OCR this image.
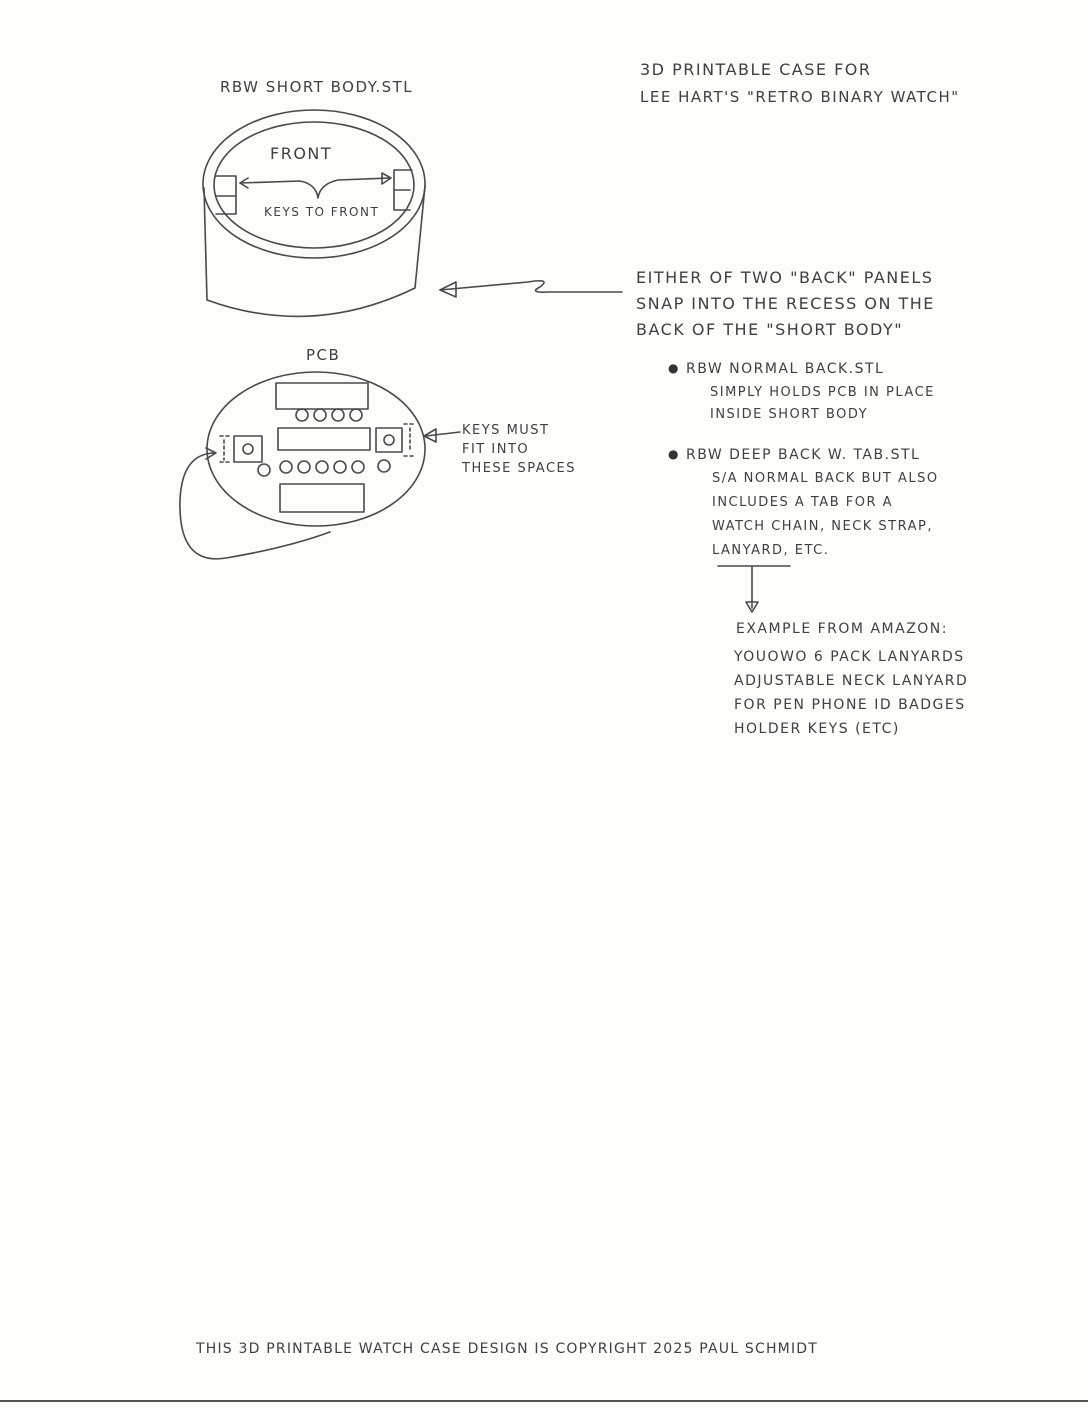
3D PRINTABLE CASE FOR
LEE HART'S "RETRO BINARY WATCH"
RBW SHORT BODY.STL
FRONT
KEYS TO FRONT
PCB
KEYS MUST
FIT INTO
THESE SPACES
EITHER OF TWO "BACK" PANELS
SNAP INTO THE RECESS ON THE
BACK OF THE "SHORT BODY"
● RBW NORMAL BACK.STL
SIMPLY HOLDS PCB IN PLACE
INSIDE SHORT BODY
● RBW DEEP BACK W. TAB.STL
S/A NORMAL BACK BUT ALSO
INCLUDES A TAB FOR A
WATCH CHAIN, NECK STRAP,
LANYARD, ETC.
EXAMPLE FROM AMAZON:
YOUOWO 6 PACK LANYARDS
ADJUSTABLE NECK LANYARD
FOR PEN PHONE ID BADGES
HOLDER KEYS (ETC)
THIS 3D PRINTABLE WATCH CASE DESIGN IS COPYRIGHT 2025 PAUL SCHMIDT
